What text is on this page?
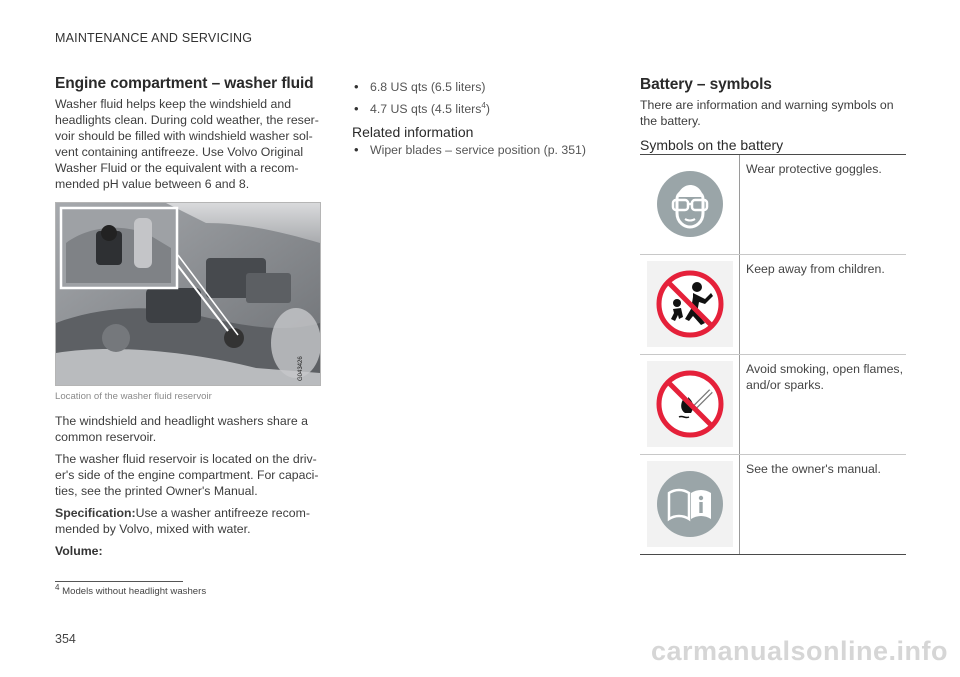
MAINTENANCE AND SERVICING
Engine compartment – washer fluid

Washer fluid helps keep the windshield and headlights clean. During cold weather, the reser-voir should be filled with windshield washer sol-vent containing antifreeze. Use Volvo Original Washer Fluid or the equivalent with a recom-mended pH value between 6 and 8.

G043426
Location of the washer fluid reservoir

The windshield and headlight washers share a common reservoir.

The washer fluid reservoir is located on the driv-er's side of the engine compartment. For capaci-ties, see the printed Owner's Manual.

Specification:Use a washer antifreeze recom-mended by Volvo, mixed with water.

Volume:

• 6.8 US qts (6.5 liters)
• 4.7 US qts (4.5 liters$^4$)
Related information
• Wiper blades – service position (p. 351)
Battery – symbols

There are information and warning symbols on the battery.

Symbols on the battery
Wear protective goggles.
Keep away from children.
Avoid smoking, open flames, and/or sparks.
See the owner's manual.
$^4$ Models without headlight washers
354	carmanualsonline.info
